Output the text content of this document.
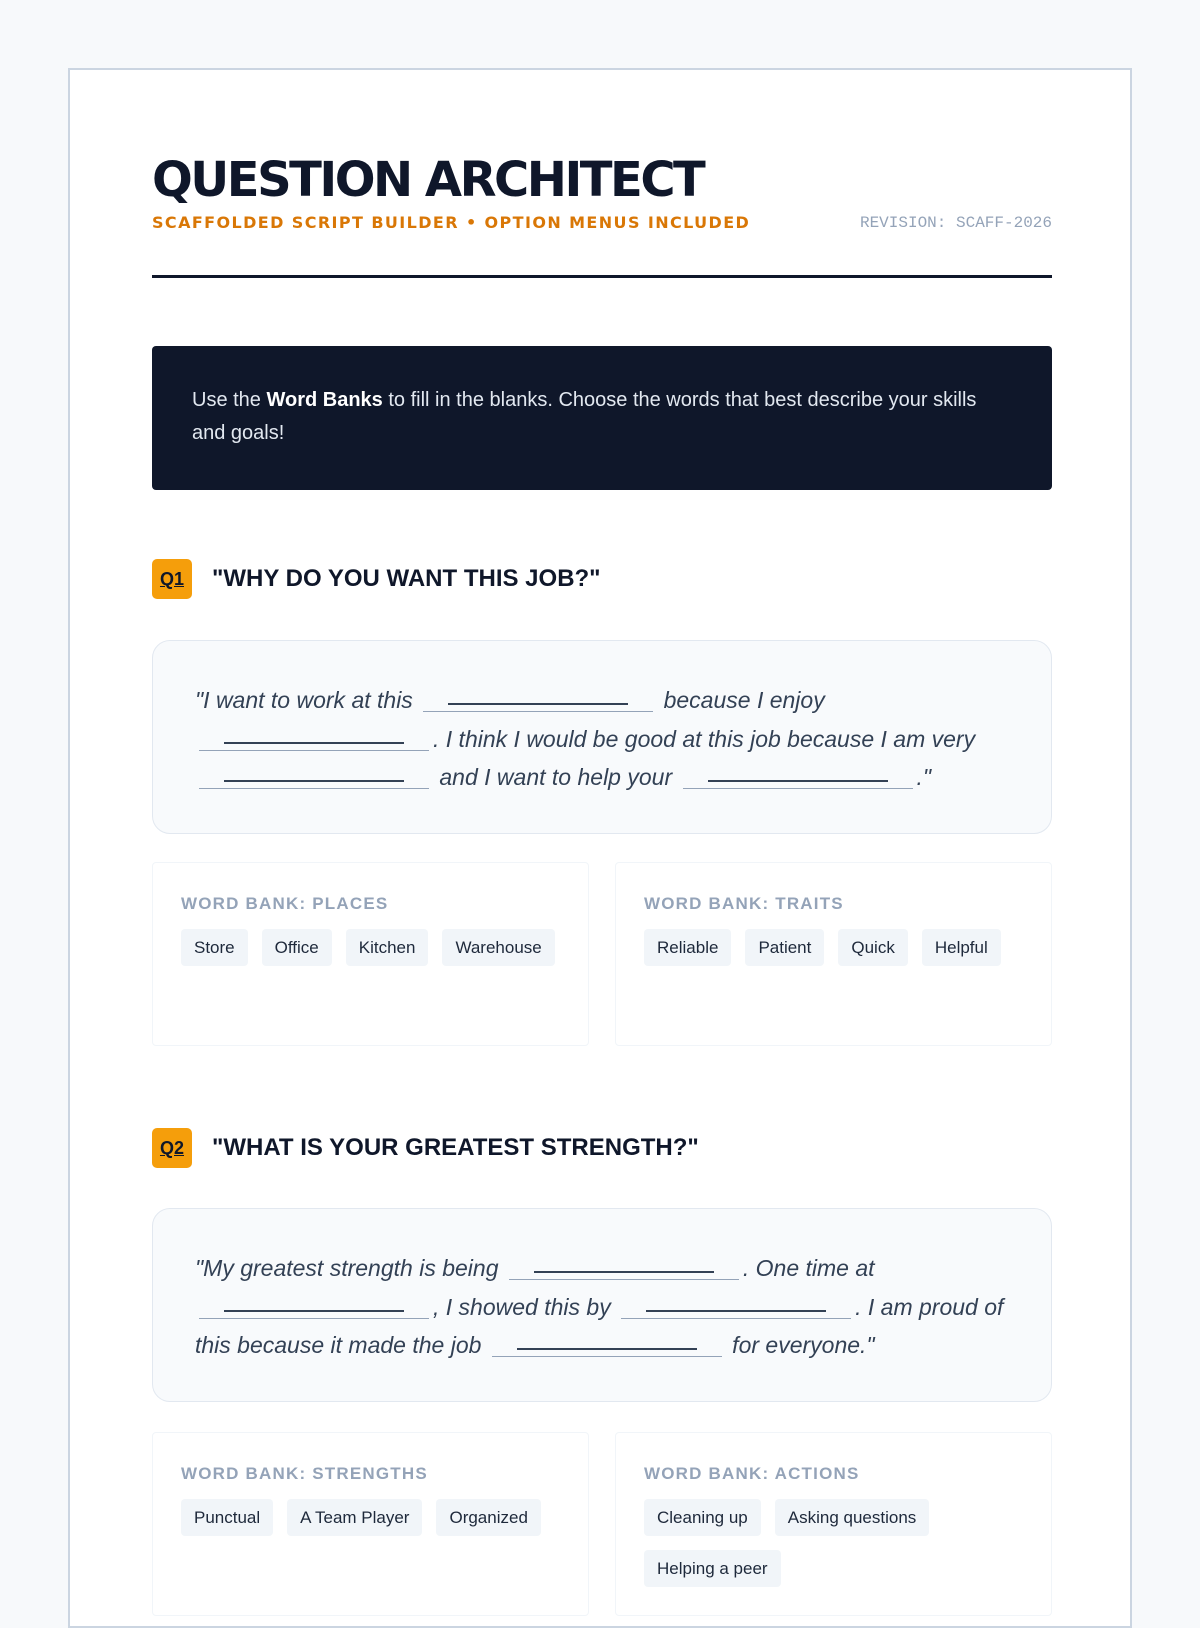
QUESTION ARCHITECT
SCAFFOLDED SCRIPT BUILDER • OPTION MENUS INCLUDED	REVISION: SCAFF-2026
Use the Word Banks to fill in the blanks. Choose the words that best describe your skills and goals!
Q1	"WHY DO YOU WANT THIS JOB?"
"I want to work at this	because I enjoy . I think I would be good at this job because I am very  and I want to help your	."
WORD BANK: PLACES
Store	Office	Kitchen	Warehouse
WORD BANK: TRAITS
Reliable	Patient	Quick	Helpful
Q2	"WHAT IS YOUR GREATEST STRENGTH?"
"My greatest strength is being	. One time at , I showed this by	. I am proud of this because it made the job	for everyone."
WORD BANK: STRENGTHS
Punctual	A Team Player	Organized
WORD BANK: ACTIONS
Cleaning up	Asking questions
Helping a peer
